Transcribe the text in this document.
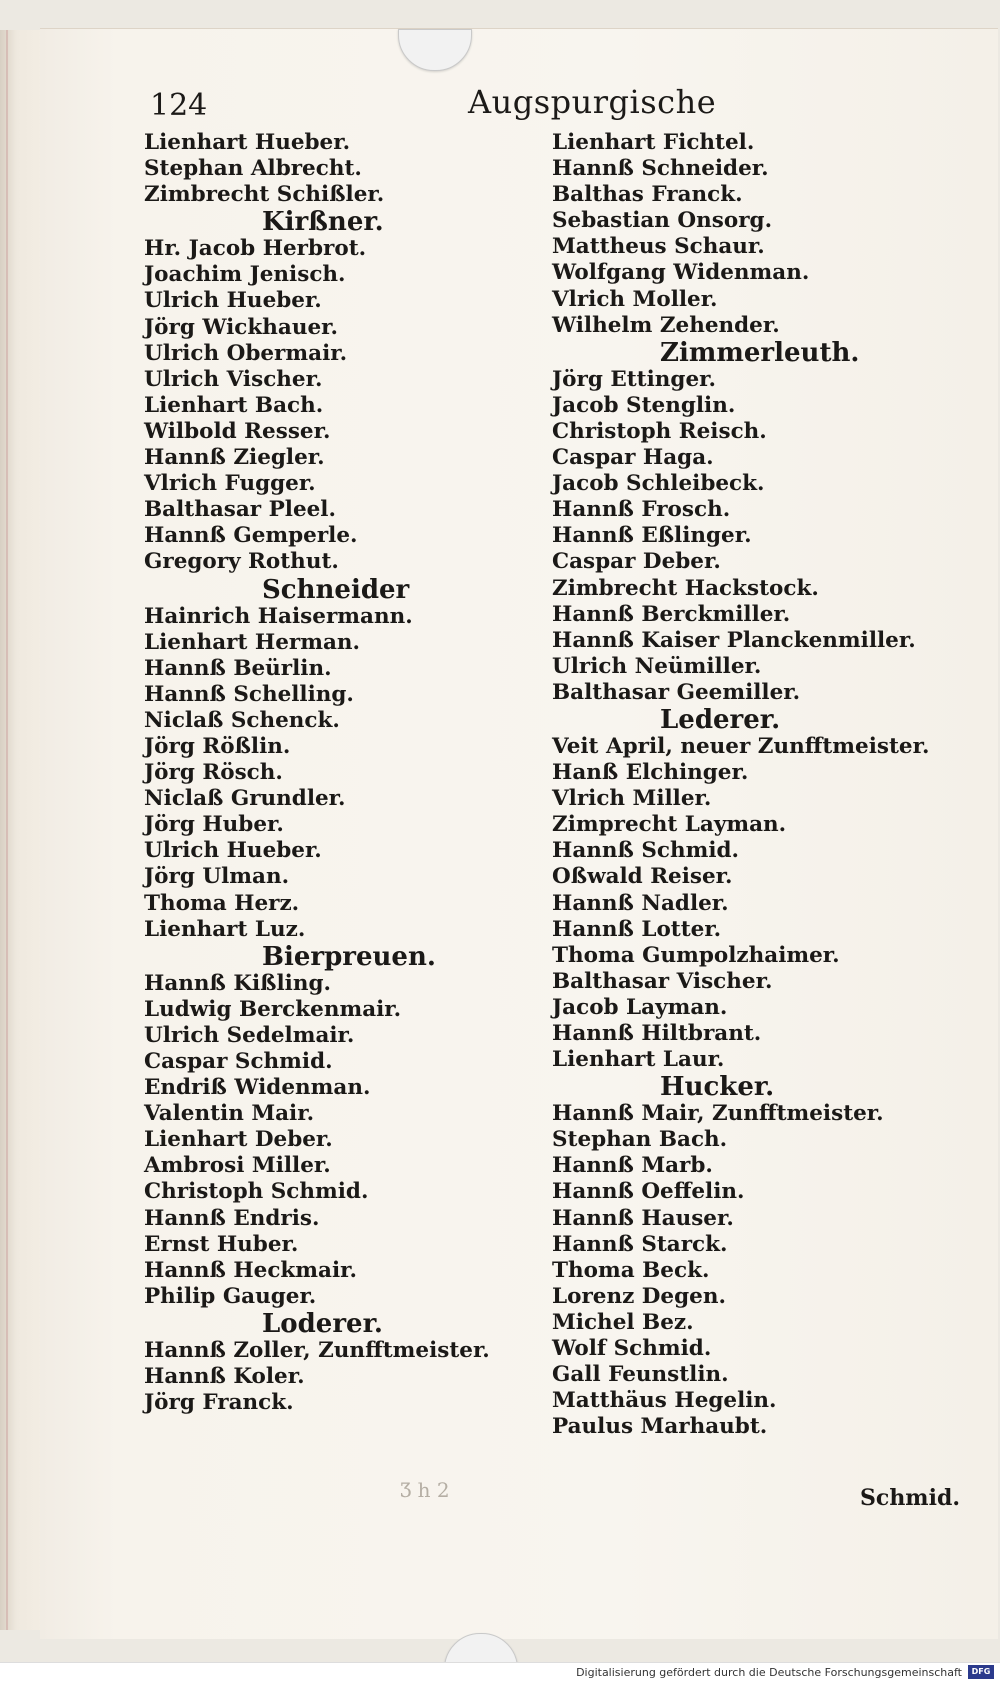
124	Augspurgische
Lienhart Hueber.
Stephan Albrecht.
Zimbrecht Schißler.
Kirßner.
Hr. Jacob Herbrot.
Joachim Jenisch.
Ulrich Hueber.
Jörg Wickhauer.
Ulrich Obermair.
Ulrich Vischer.
Lienhart Bach.
Wilbold Resser.
Hannß Ziegler.
Vlrich Fugger.
Balthasar Pleel.
Hannß Gemperle.
Gregory Rothut.
Schneider
Hainrich Haisermann.
Lienhart Herman.
Hannß Beürlin.
Hannß Schelling.
Niclaß Schenck.
Jörg Rößlin.
Jörg Rösch.
Niclaß Grundler.
Jörg Huber.
Ulrich Hueber.
Jörg Ulman.
Thoma Herz.
Lienhart Luz.
Bierpreuen.
Hannß Kißling.
Ludwig Berckenmair.
Ulrich Sedelmair.
Caspar Schmid.
Endriß Widenman.
Valentin Mair.
Lienhart Deber.
Ambrosi Miller.
Christoph Schmid.
Hannß Endris.
Ernst Huber.
Hannß Heckmair.
Philip Gauger.
Loderer.
Hannß Zoller, Zunfftmeister.
Hannß Koler.
Jörg Franck.
Lienhart Fichtel.
Hannß Schneider.
Balthas Franck.
Sebastian Onsorg.
Mattheus Schaur.
Wolfgang Widenman.
Vlrich Moller.
Wilhelm Zehender.
Zimmerleuth.
Jörg Ettinger.
Jacob Stenglin.
Christoph Reisch.
Caspar Haga.
Jacob Schleibeck.
Hannß Frosch.
Hannß Eßlinger.
Caspar Deber.
Zimbrecht Hackstock.
Hannß Berckmiller.
Hannß Kaiser Planckenmiller.
Ulrich Neümiller.
Balthasar Geemiller.
Lederer.
Veit April, neuer Zunfftmeister.
Hanß Elchinger.
Vlrich Miller.
Zimprecht Layman.
Hannß Schmid.
Oßwald Reiser.
Hannß Nadler.
Hannß Lotter.
Thoma Gumpolzhaimer.
Balthasar Vischer.
Jacob Layman.
Hannß Hiltbrant.
Lienhart Laur.
Hucker.
Hannß Mair, Zunfftmeister.
Stephan Bach.
Hannß Marb.
Hannß Oeffelin.
Hannß Hauser.
Hannß Starck.
Thoma Beck.
Lorenz Degen.
Michel Bez.
Wolf Schmid.
Gall Feunstlin.
Matthäus Hegelin.
Paulus Marhaubt.
Ʒ h 2	Schmid.
Digitalisierung gefördert durch die Deutsche Forschungsgemeinschaft	DFG
